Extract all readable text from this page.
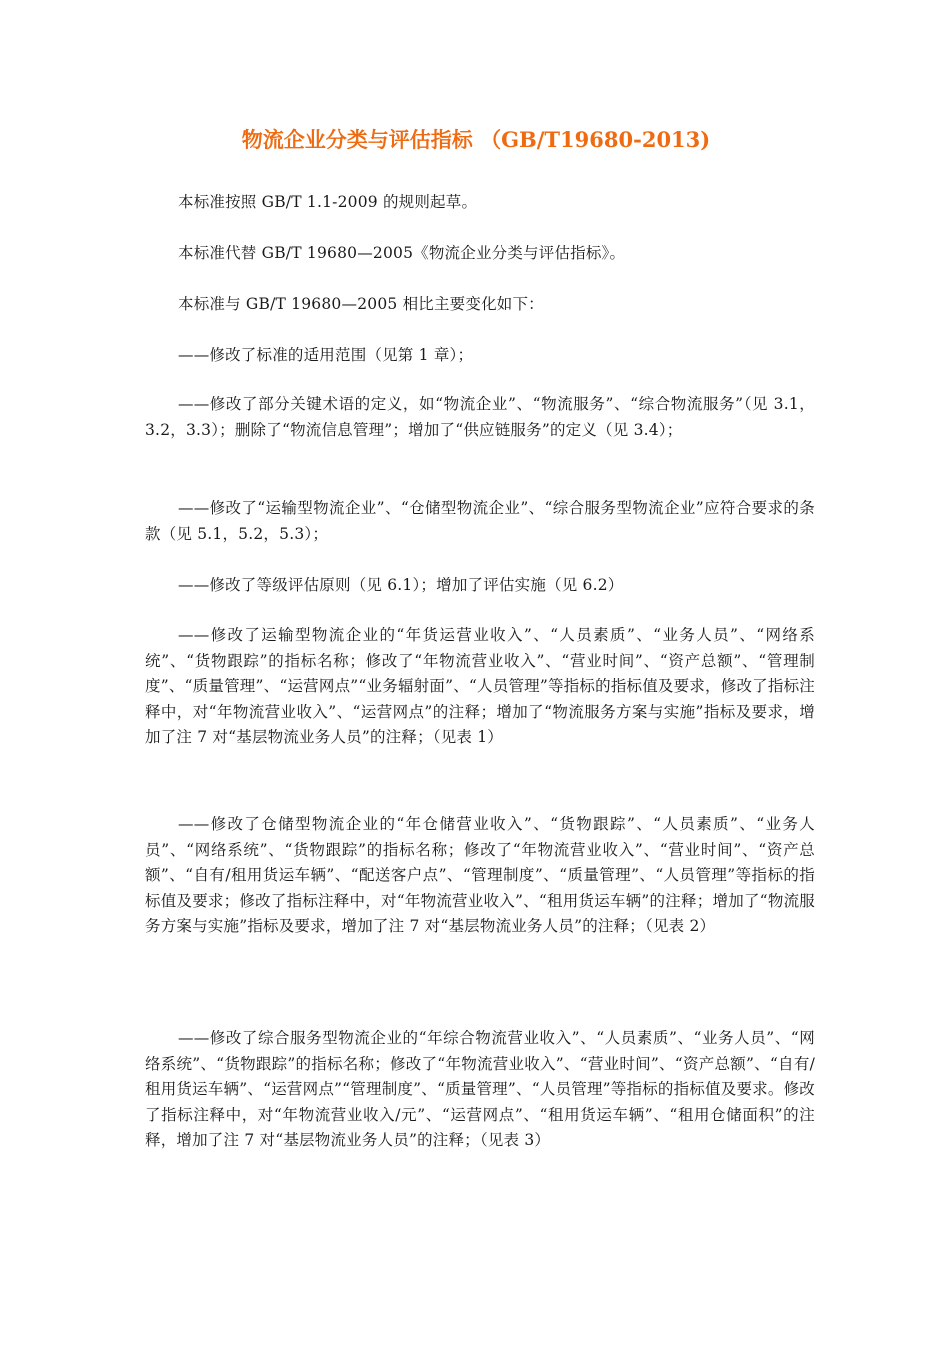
物流企业分类与评估指标 （GB/T19680-2013)

本标准按照 GB/T 1.1-2009 的规则起草。

本标准代替 GB/T 19680—2005《物流企业分类与评估指标》。

本标准与 GB/T 19680—2005 相比主要变化如下：

——修改了标准的适用范围（见第 1 章）；

——修改了部分关键术语的定义，如“物流企业”、“物流服务”、“综合物流服务”（见 3.1，3.2，3.3）；删除了“物流信息管理”；增加了“供应链服务”的定义（见 3.4）；

——修改了“运输型物流企业”、“仓储型物流企业”、“综合服务型物流企业”应符合要求的条款（见 5.1，5.2，5.3）；

——修改了等级评估原则（见 6.1）；增加了评估实施（见 6.2）

——修改了运输型物流企业的“年货运营业收入”、“人员素质”、“业务人员”、“网络系统”、“货物跟踪”的指标名称；修改了“年物流营业收入”、“营业时间”、“资产总额”、“管理制度”、“质量管理”、“运营网点”“业务辐射面”、“人员管理”等指标的指标值及要求，修改了指标注释中，对“年物流营业收入”、“运营网点”的注释；增加了“物流服务方案与实施”指标及要求，增加了注 7 对“基层物流业务人员”的注释；（见表 1）

——修改了仓储型物流企业的“年仓储营业收入”、“货物跟踪”、“人员素质”、“业务人员”、“网络系统”、“货物跟踪”的指标名称；修改了“年物流营业收入”、“营业时间”、“资产总额”、“自有/租用货运车辆”、“配送客户点”、“管理制度”、“质量管理”、“人员管理”等指标的指标值及要求；修改了指标注释中，对“年物流营业收入”、“租用货运车辆”的注释；增加了“物流服务方案与实施”指标及要求，增加了注 7 对“基层物流业务人员”的注释；（见表 2）

——修改了综合服务型物流企业的“年综合物流营业收入”、“人员素质”、“业务人员”、“网络系统”、“货物跟踪”的指标名称；修改了“年物流营业收入”、“营业时间”、“资产总额”、“自有/租用货运车辆”、“运营网点”“管理制度”、“质量管理”、“人员管理”等指标的指标值及要求。修改了指标注释中，对“年物流营业收入/元”、“运营网点”、“租用货运车辆”、“租用仓储面积”的注释，增加了注 7 对“基层物流业务人员”的注释；（见表 3）
